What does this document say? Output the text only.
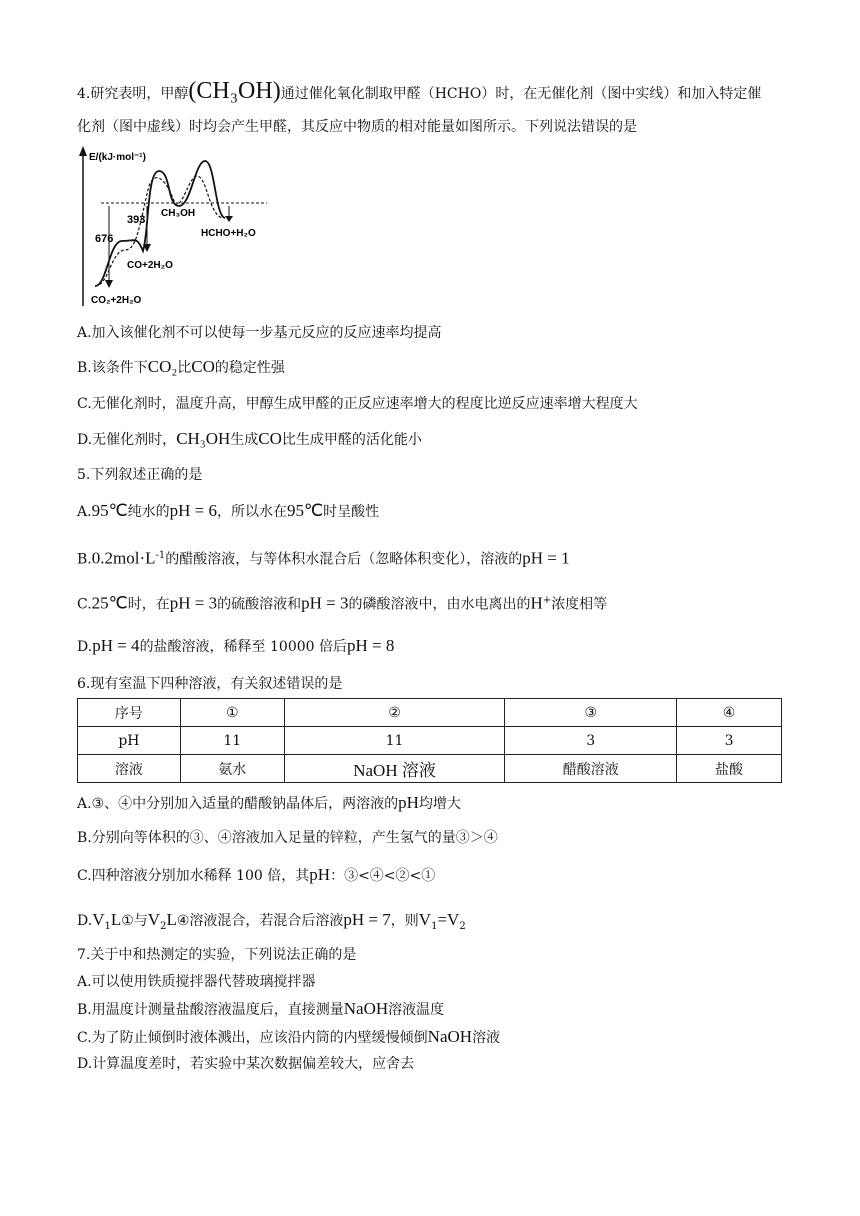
4.研究表明，甲醇(CH₃OH)通过催化氧化制取甲醛（HCHO）时，在无催化剂（图中实线）和加入特定催
化剂（图中虚线）时均会产生甲醛，其反应中物质的相对能量如图所示。下列说法错误的是
E/(kJ·mol⁻¹)
676
393
CH₃OH
HCHO+H₂O
CO+2H₂O
CO₂+2H₂O
A.加入该催化剂不可以使每一步基元反应的反应速率均提高
B.该条件下CO₂比CO的稳定性强
C.无催化剂时，温度升高，甲醇生成甲醛的正反应速率增大的程度比逆反应速率增大程度大
D.无催化剂时，CH₃OH生成CO比生成甲醛的活化能小
5.下列叙述正确的是
A.95℃纯水的pH = 6，所以水在95℃时呈酸性
$B.0.2mol\cdot L^{-1}$的醋酸溶液，与等体积水混合后（忽略体积变化），溶液的pH = 1
C.25℃时，在pH = 3的硫酸溶液和pH = 3的磷酸溶液中，由水电离出的H+浓度相等
D.pH = 4的盐酸溶液，稀释至 10000 倍后pH = 8
6.现有室温下四种溶液，有关叙述错误的是
序号	①	②	③	④
pH	11	11	3	3
溶液	氨水	NaOH 溶液	醋酸溶液	盐酸
A.③、④中分别加入适量的醋酸钠晶体后，两溶液的pH均增大
B.分别向等体积的③、④溶液加入足量的锌粒，产生氢气的量③＞④
C.四种溶液分别加水稀释 100 倍，其pH：③<④<②<①
$D.V_1L①$与$V_2L④$溶液混合，若混合后溶液pH = 7，则$V_1=V_2$
7.关于中和热测定的实验，下列说法正确的是
A.可以使用铁质搅拌器代替玻璃搅拌器
B.用温度计测量盐酸溶液温度后，直接测量NaOH溶液温度
C.为了防止倾倒时液体溅出，应该沿内筒的内壁缓慢倾倒NaOH溶液
D.计算温度差时，若实验中某次数据偏差较大，应舍去
